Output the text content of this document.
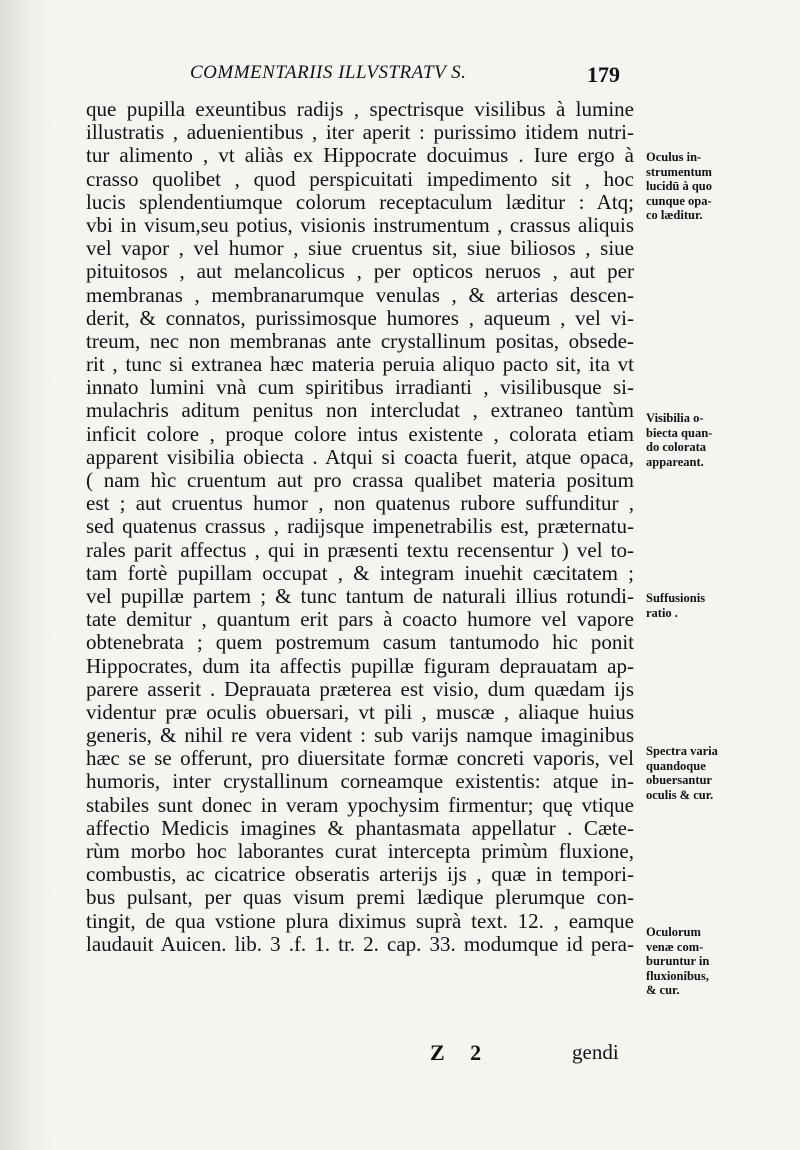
COMMENTARIIS ILLVSTRATV S.	179
que pupilla exeuntibus radijs , spectrisque visilibus à lumine
illustratis , aduenientibus , iter aperit : purissimo itidem nutri-
tur alimento , vt aliàs ex Hippocrate docuimus . Iure ergo à
crasso quolibet , quod perspicuitati impedimento sit , hoc
lucis splendentiumque colorum receptaculum læditur : Atq;
vbi in visum,seu potius, visionis instrumentum , crassus aliquis
vel vapor , vel humor , siue cruentus sit, siue biliosos , siue
pituitosos , aut melancolicus , per opticos neruos , aut per
membranas , membranarumque venulas , & arterias descen-
derit, & connatos, purissimosque humores , aqueum , vel vi-
treum, nec non membranas ante crystallinum positas, obsede-
rit , tunc si extranea hæc materia peruia aliquo pacto sit, ita vt
innato lumini vnà cum spiritibus irradianti , visilibusque si-
mulachris aditum penitus non intercludat , extraneo tantùm
inficit colore , proque colore intus existente , colorata etiam
apparent visibilia obiecta . Atqui si coacta fuerit, atque opaca,
( nam hìc cruentum aut pro crassa qualibet materia positum
est ; aut cruentus humor , non quatenus rubore suffunditur ,
sed quatenus crassus , radijsque impenetrabilis est, præternatu-
rales parit affectus , qui in præsenti textu recensentur ) vel to-
tam fortè pupillam occupat , & integram inuehit cæcitatem ;
vel pupillæ partem ; & tunc tantum de naturali illius rotundi-
tate demitur , quantum erit pars à coacto humore vel vapore
obtenebrata ; quem postremum casum tantumodo hic ponit
Hippocrates, dum ita affectis pupillæ figuram deprauatam ap-
parere asserit . Deprauata præterea est visio, dum quædam ijs
videntur præ oculis obuersari, vt pili , muscæ , aliaque huius
generis, & nihil re vera vident : sub varijs namque imaginibus
hæc se se offerunt, pro diuersitate formæ concreti vaporis, vel
humoris, inter crystallinum corneamque existentis: atque in-
stabiles sunt donec in veram ypochysim firmentur; quę vtique
affectio Medicis imagines & phantasmata appellatur . Cæte-
rùm morbo hoc laborantes curat intercepta primùm fluxione,
combustis, ac cicatrice obseratis arterijs ijs , quæ in tempori-
bus pulsant, per quas visum premi lædique plerumque con-
tingit, de qua vstione plura diximus suprà text. 12. , eamque
laudauit Auicen. lib. 3 .f. 1. tr. 2. cap. 33. modumque id pera-
Oculus in-
strumentum
lucidū à quo
cunque opa-
co læditur.
Visibilia o-
biecta quan-
do colorata
appareant.
Suffusionis
ratio .
Spectra varia
quandoque
obuersantur
oculis & cur.
Oculorum
venæ com-
buruntur in
fluxionibus,
& cur.
Z 2	gendi
